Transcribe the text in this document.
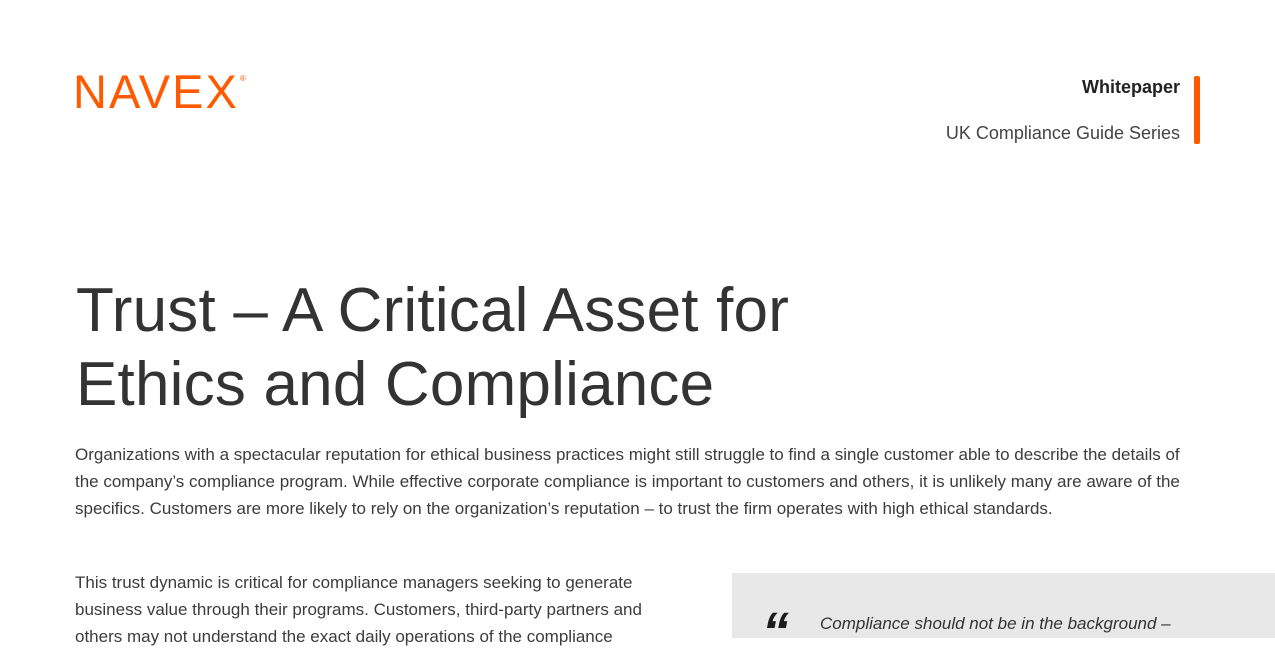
NAVEX ®	Whitepaper
UK Compliance Guide Series
Trust – A Critical Asset for Ethics and Compliance

Organizations with a spectacular reputation for ethical business practices might still struggle to find a single customer able to describe the details of the company’s compliance program. While effective corporate compliance is important to customers and others, it is unlikely many are aware of the specifics. Customers are more likely to rely on the organization’s reputation – to trust the firm operates with high ethical standards.

This trust dynamic is critical for compliance managers seeking to generate business value through their programs. Customers, third-party partners and others may not understand the exact daily operations of the compliance	“ Compliance should not be in the background –
